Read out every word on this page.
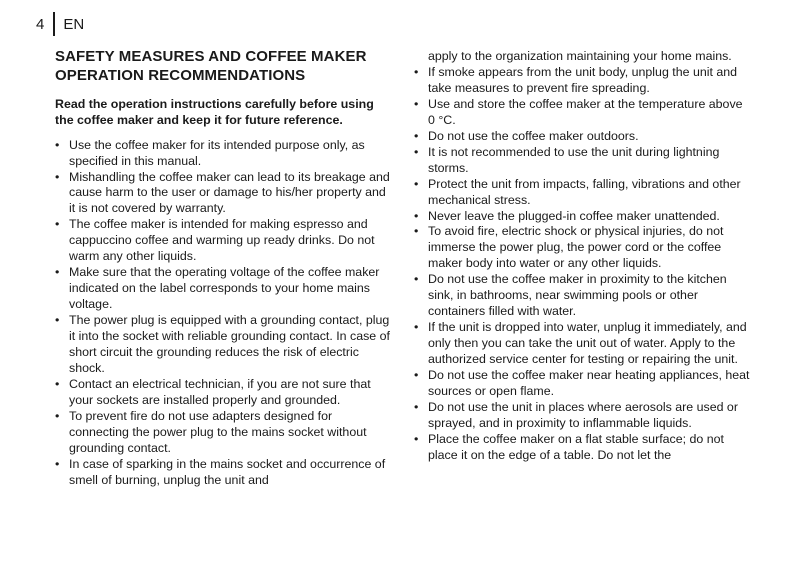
4 EN
SAFETY MEASURES AND COFFEE MAKER OPERATION RECOMMENDATIONS
Read the operation instructions carefully before using the coffee maker and keep it for future reference.
• Use the coffee maker for its intended purpose only, as specified in this manual.
• Mishandling the coffee maker can lead to its breakage and cause harm to the user or damage to his/her property and it is not covered by warranty.
• The coffee maker is intended for making espresso and cappuccino coffee and warming up ready drinks. Do not warm any other liquids.
• Make sure that the operating voltage of the coffee maker indicated on the label corresponds to your home mains voltage.
• The power plug is equipped with a grounding contact, plug it into the socket with reliable grounding contact. In case of short circuit the grounding reduces the risk of electric shock.
• Contact an electrical technician, if you are not sure that your sockets are installed properly and grounded.
• To prevent fire do not use adapters designed for connecting the power plug to the mains socket without grounding contact.
• In case of sparking in the mains socket and occurrence of smell of burning, unplug the unit and
apply to the organization maintaining your home mains.
• If smoke appears from the unit body, unplug the unit and take measures to prevent fire spreading.
• Use and store the coffee maker at the temperature above 0 °C.
• Do not use the coffee maker outdoors.
• It is not recommended to use the unit during lightning storms.
• Protect the unit from impacts, falling, vibrations and other mechanical stress.
• Never leave the plugged-in coffee maker unattended.
• To avoid fire, electric shock or physical injuries, do not immerse the power plug, the power cord or the coffee maker body into water or any other liquids.
• Do not use the coffee maker in proximity to the kitchen sink, in bathrooms, near swimming pools or other containers filled with water.
• If the unit is dropped into water, unplug it immediately, and only then you can take the unit out of water. Apply to the authorized service center for testing or repairing the unit.
• Do not use the coffee maker near heating appliances, heat sources or open flame.
• Do not use the unit in places where aerosols are used or sprayed, and in proximity to inflammable liquids.
• Place the coffee maker on a flat stable surface; do not place it on the edge of a table. Do not let the
